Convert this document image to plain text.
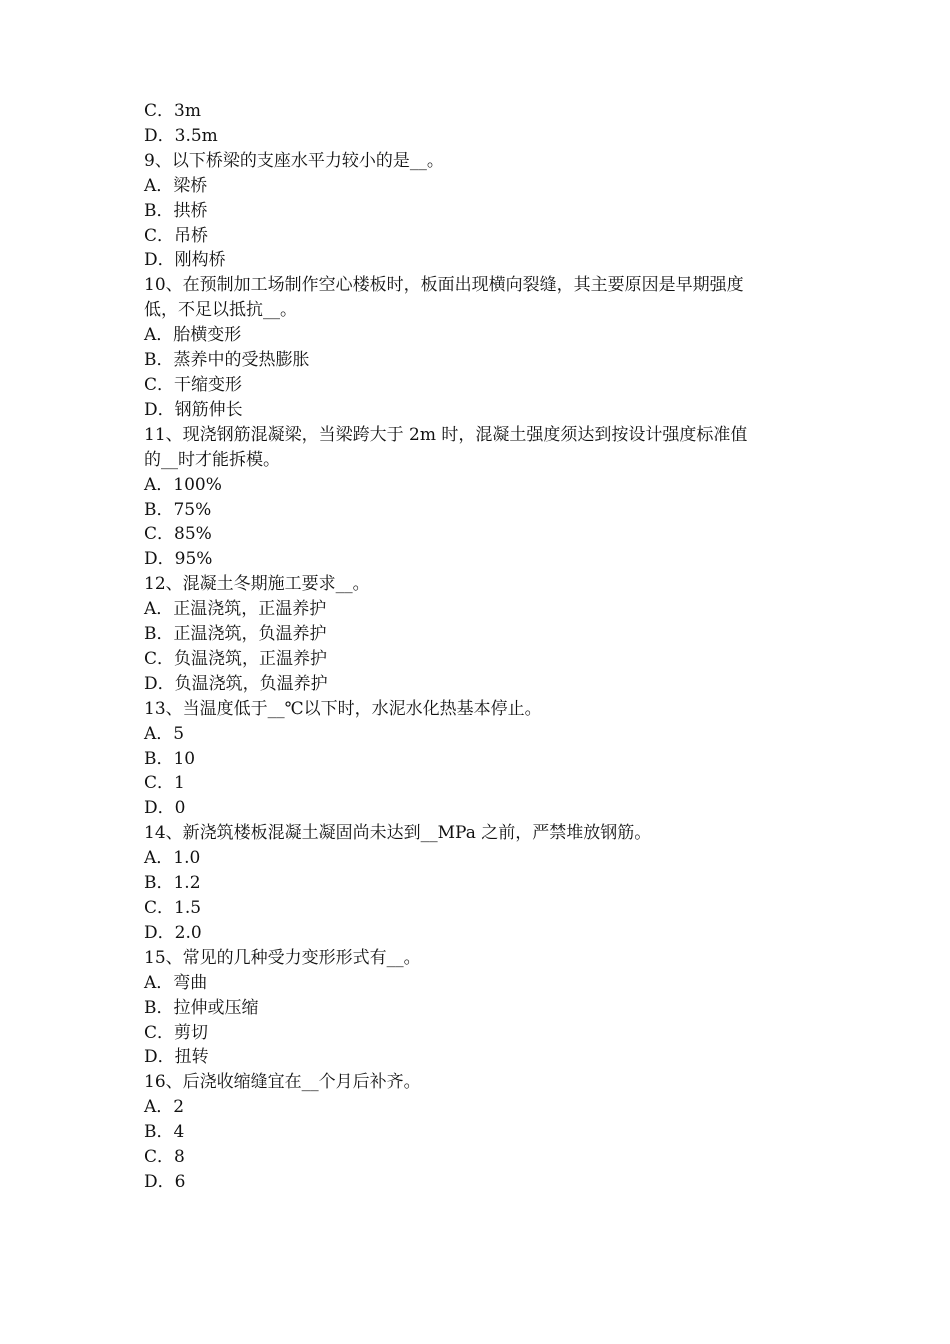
C．3m
D．3.5m
9、以下桥梁的支座水平力较小的是__。
A．梁桥
B．拱桥
C．吊桥
D．刚构桥
10、在预制加工场制作空心楼板时，板面出现横向裂缝，其主要原因是早期强度
低，不足以抵抗__。
A．胎横变形
B．蒸养中的受热膨胀
C．干缩变形
D．钢筋伸长
11、现浇钢筋混凝梁，当梁跨大于 2m 时，混凝土强度须达到按设计强度标准值
的__时才能拆模。
A．100%
B．75%
C．85%
D．95%
12、混凝土冬期施工要求__。
A．正温浇筑，正温养护
B．正温浇筑，负温养护
C．负温浇筑，正温养护
D．负温浇筑，负温养护
13、当温度低于__℃以下时，水泥水化热基本停止。
A．5
B．10
C．1
D．0
14、新浇筑楼板混凝土凝固尚未达到__MPa 之前，严禁堆放钢筋。
A．1.0
B．1.2
C．1.5
D．2.0
15、常见的几种受力变形形式有__。
A．弯曲
B．拉伸或压缩
C．剪切
D．扭转
16、后浇收缩缝宜在__个月后补齐。
A．2
B．4
C．8
D．6
